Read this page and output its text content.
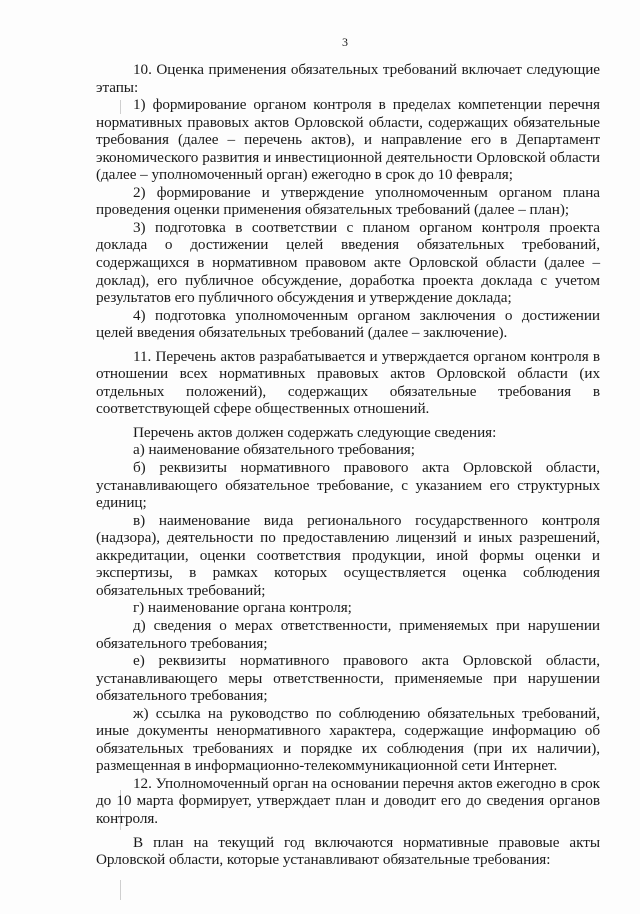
3

10. Оценка применения обязательных требований включает следующие этапы:

1) формирование органом контроля в пределах компетенции перечня нормативных правовых актов Орловской области, содержащих обязательные требования (далее – перечень актов), и направление его в Департамент экономического развития и инвестиционной деятельности Орловской области (далее – уполномоченный орган) ежегодно в срок до 10 февраля;

2) формирование и утверждение уполномоченным органом плана проведения оценки применения обязательных требований (далее – план);

3) подготовка в соответствии с планом органом контроля проекта доклада о достижении целей введения обязательных требований, содержащихся в нормативном правовом акте Орловской области (далее – доклад), его публичное обсуждение, доработка проекта доклада с учетом результатов его публичного обсуждения и утверждение доклада;

4) подготовка уполномоченным органом заключения о достижении целей введения обязательных требований (далее – заключение).

11. Перечень актов разрабатывается и утверждается органом контроля в отношении всех нормативных правовых актов Орловской области (их отдельных положений), содержащих обязательные требования в соответствующей сфере общественных отношений.

Перечень актов должен содержать следующие сведения:

а) наименование обязательного требования;

б) реквизиты нормативного правового акта Орловской области, устанавливающего обязательное требование, с указанием его структурных единиц;

в) наименование вида регионального государственного контроля (надзора), деятельности по предоставлению лицензий и иных разрешений, аккредитации, оценки соответствия продукции, иной формы оценки и экспертизы, в рамках которых осуществляется оценка соблюдения обязательных требований;

г) наименование органа контроля;

д) сведения о мерах ответственности, применяемых при нарушении обязательного требования;

е) реквизиты нормативного правового акта Орловской области, устанавливающего меры ответственности, применяемые при нарушении обязательного требования;

ж) ссылка на руководство по соблюдению обязательных требований, иные документы ненормативного характера, содержащие информацию об обязательных требованиях и порядке их соблюдения (при их наличии), размещенная в информационно-телекоммуникационной сети Интернет.

12. Уполномоченный орган на основании перечня актов ежегодно в срок до 10 марта формирует, утверждает план и доводит его до сведения органов контроля.

В план на текущий год включаются нормативные правовые акты Орловской области, которые устанавливают обязательные требования:
